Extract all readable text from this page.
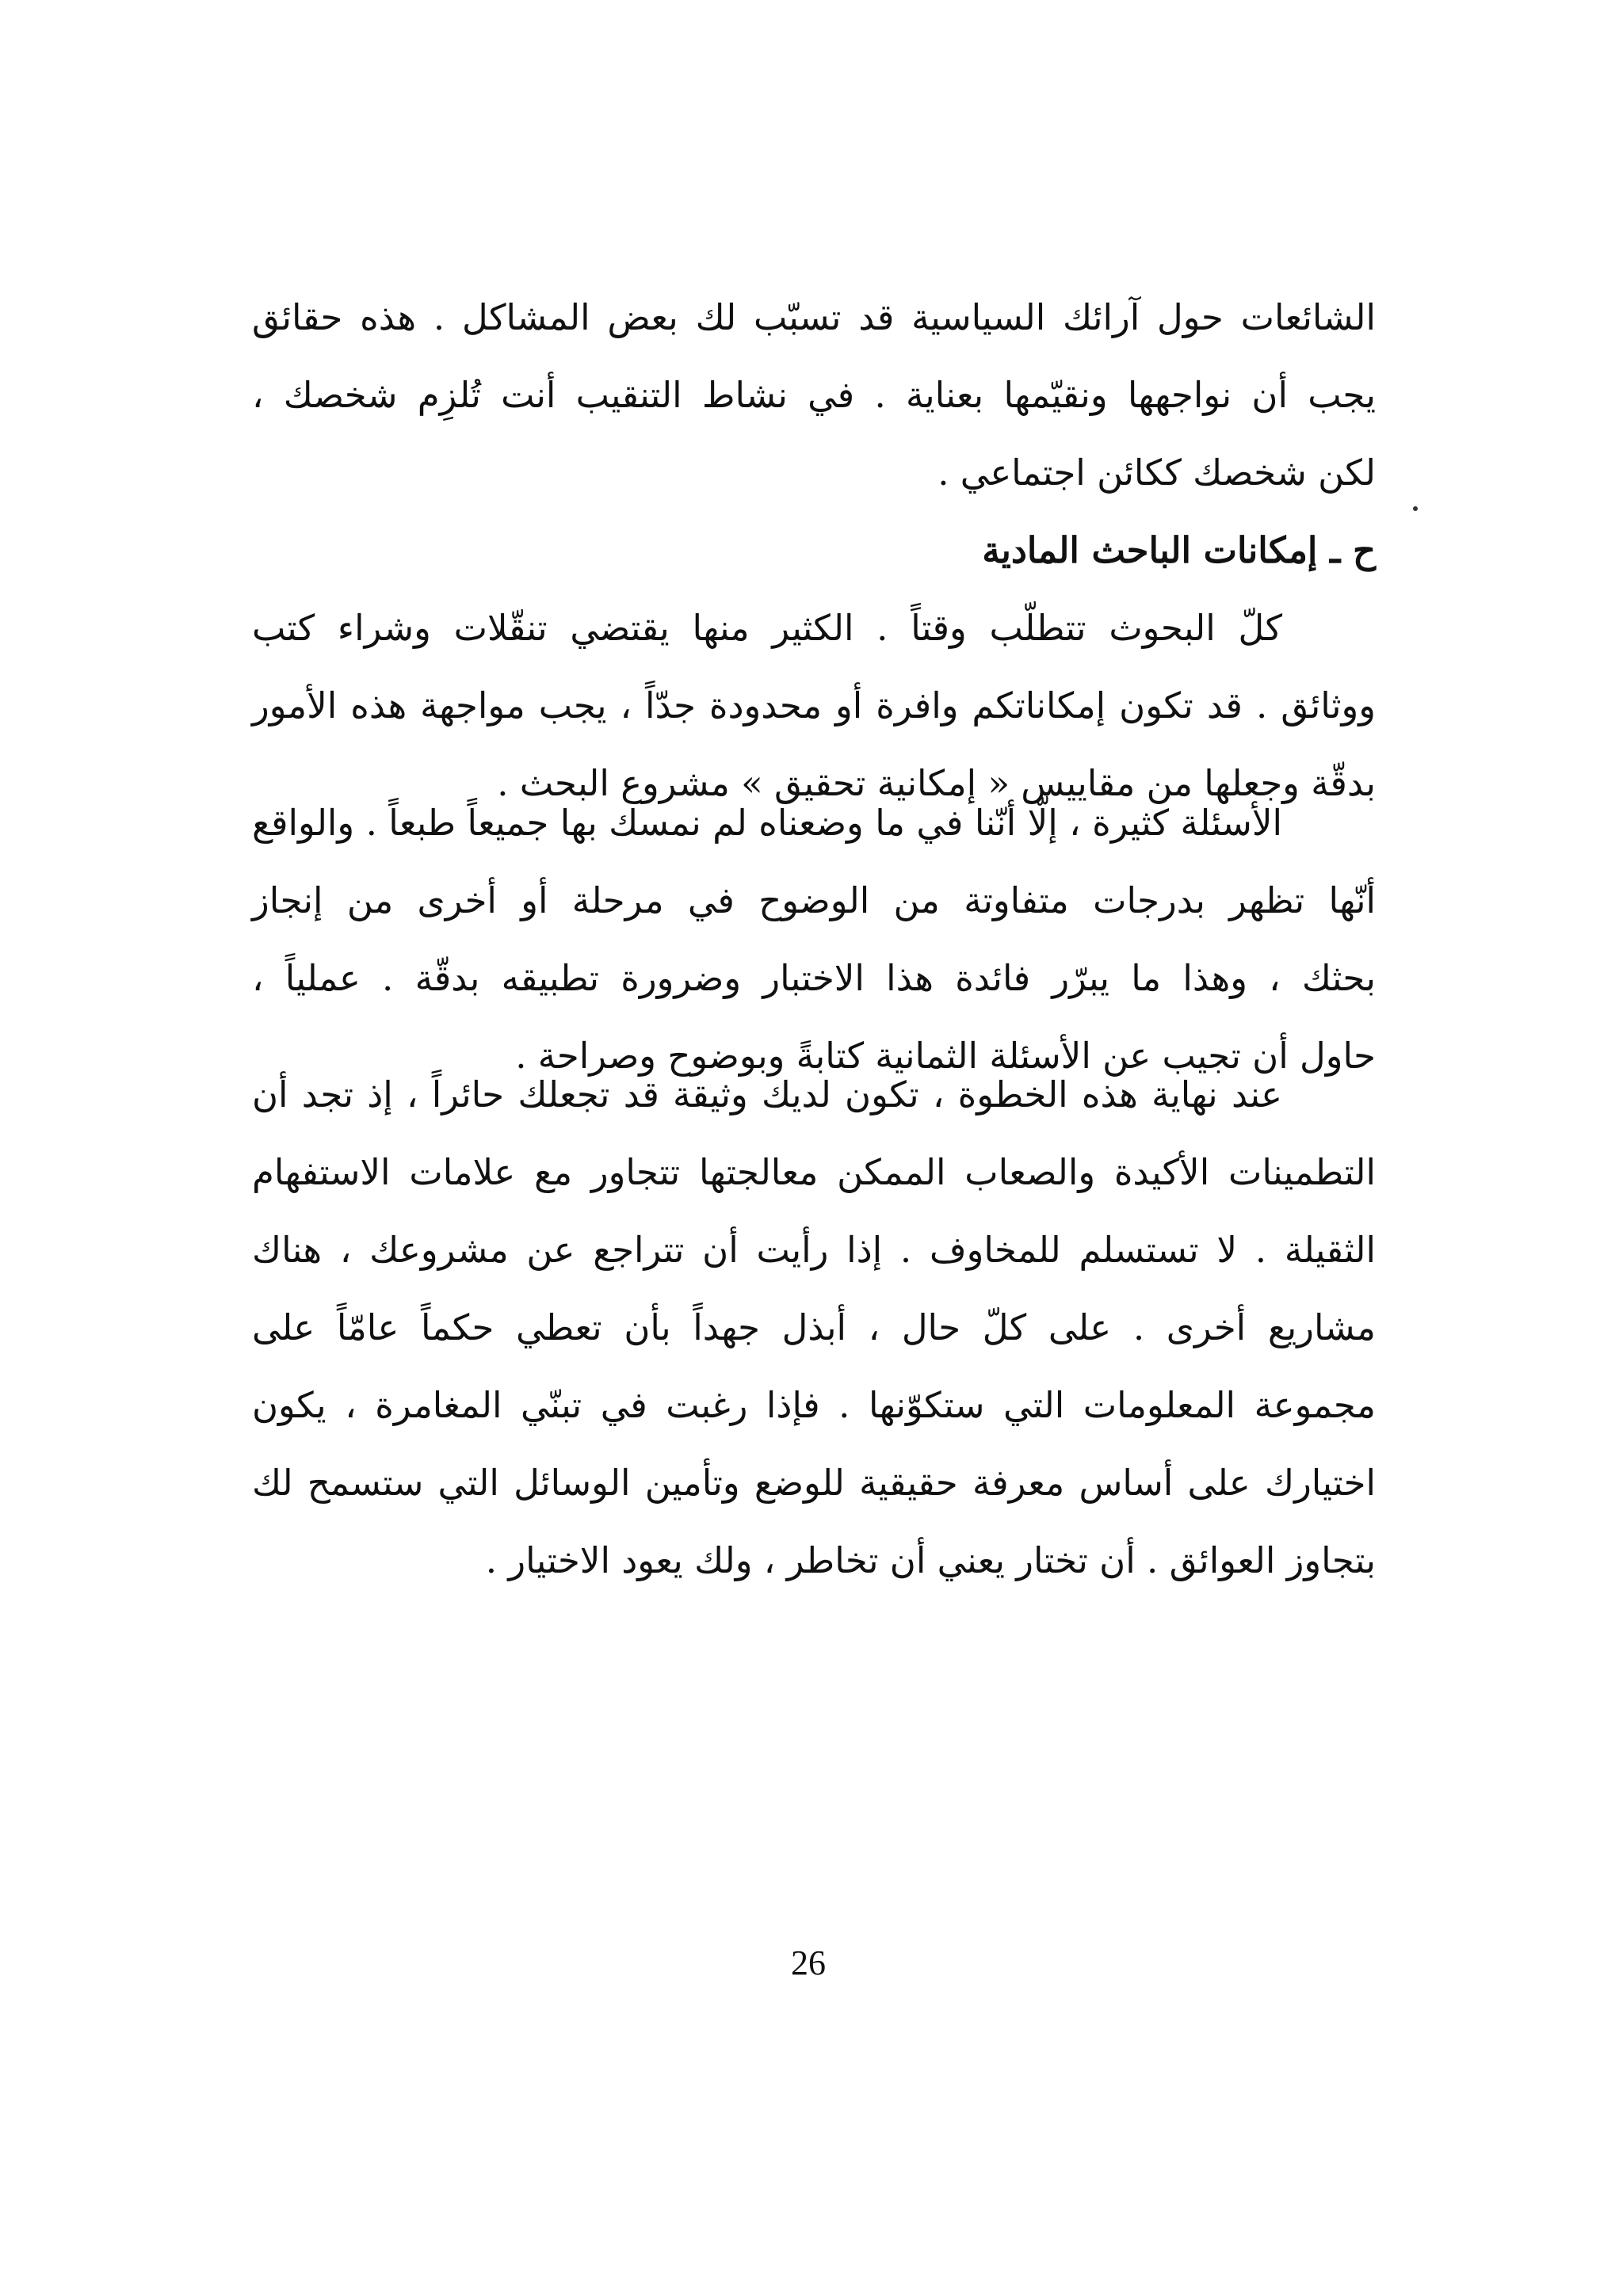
الشائعات حول آرائك السياسية قد تسبّب لك بعض المشاكل . هذه حقائق
يجب أن نواجهها ونقيّمها بعناية . في نشاط التنقيب أنت تُلزِم شخصك ،
لكن شخصك ككائن اجتماعي .
ح ـ إمكانات الباحث المادية
كلّ البحوث تتطلّب وقتاً . الكثير منها يقتضي تنقّلات وشراء كتب
ووثائق . قد تكون إمكاناتكم وافرة أو محدودة جدّاً ، يجب مواجهة هذه الأمور
بدقّة وجعلها من مقاييس « إمكانية تحقيق » مشروع البحث .
الأسئلة كثيرة ، إلّا أنّنا في ما وضعناه لم نمسك بها جميعاً طبعاً . والواقع
أنّها تظهر بدرجات متفاوتة من الوضوح في مرحلة أو أخرى من إنجاز
بحثك ، وهذا ما يبرّر فائدة هذا الاختبار وضرورة تطبيقه بدقّة . عملياً ،
حاول أن تجيب عن الأسئلة الثمانية كتابةً وبوضوح وصراحة .
عند نهاية هذه الخطوة ، تكون لديك وثيقة قد تجعلك حائراً ، إذ تجد أن
التطمينات الأكيدة والصعاب الممكن معالجتها تتجاور مع علامات الاستفهام
الثقيلة . لا تستسلم للمخاوف . إذا رأيت أن تتراجع عن مشروعك ، هناك
مشاريع أخرى . على كلّ حال ، أبذل جهداً بأن تعطي حكماً عامّاً على
مجموعة المعلومات التي ستكوّنها . فإذا رغبت في تبنّي المغامرة ، يكون
اختيارك على أساس معرفة حقيقية للوضع وتأمين الوسائل التي ستسمح لك
بتجاوز العوائق . أن تختار يعني أن تخاطر ، ولك يعود الاختيار .
26
